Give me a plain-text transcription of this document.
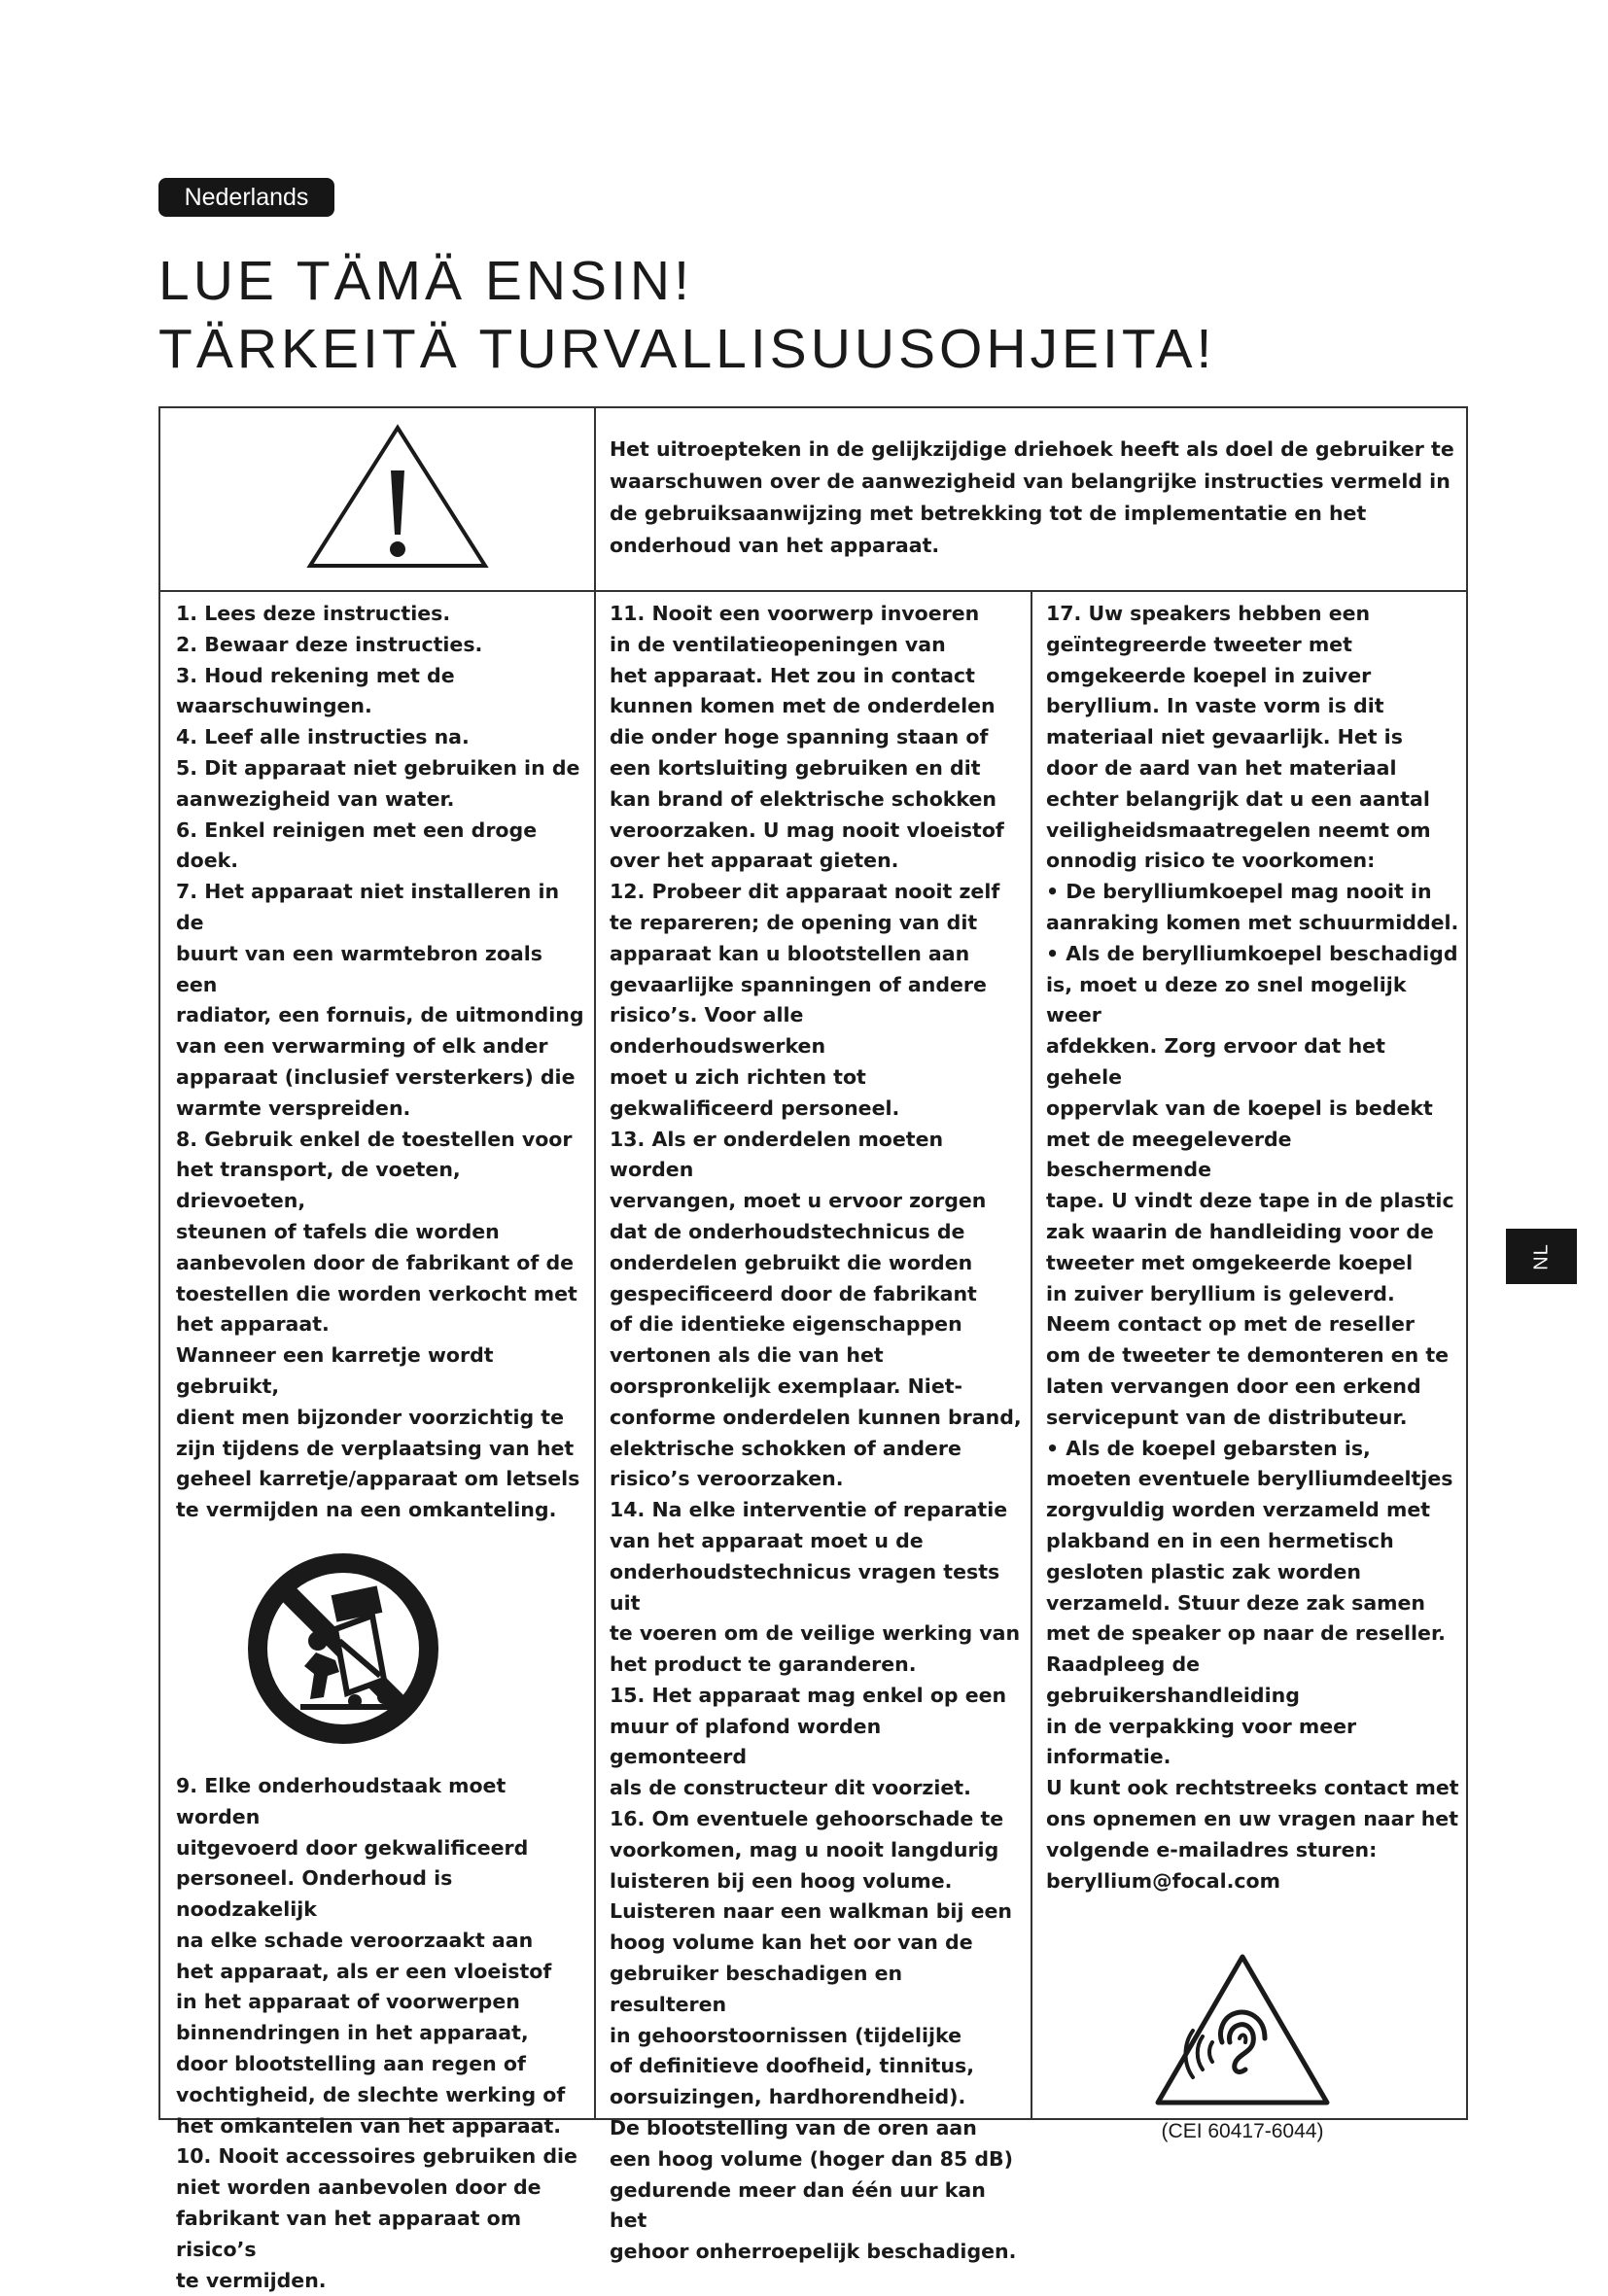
Nederlands
LUE TÄMÄ ENSIN!
TÄRKEITÄ TURVALLISUUSOHJEITA!

Het uitroepteken in de gelijkzijdige driehoek heeft als doel de gebruiker te waarschuwen over de aanwezigheid van belangrijke instructies vermeld in de gebruiksaanwijzing met betrekking tot de implementatie en het onderhoud van het apparaat.

1. Lees deze instructies.
2. Bewaar deze instructies.
3. Houd rekening met de
waarschuwingen.
4. Leef alle instructies na.
5. Dit apparaat niet gebruiken in de
aanwezigheid van water.
6. Enkel reinigen met een droge
doek.
7. Het apparaat niet installeren in de
buurt van een warmtebron zoals een
radiator, een fornuis, de uitmonding
van een verwarming of elk ander
apparaat (inclusief versterkers) die
warmte verspreiden.
8. Gebruik enkel de toestellen voor
het transport, de voeten, drievoeten,
steunen of tafels die worden
aanbevolen door de fabrikant of de
toestellen die worden verkocht met
het apparaat.
Wanneer een karretje wordt gebruikt,
dient men bijzonder voorzichtig te
zijn tijdens de verplaatsing van het
geheel karretje/apparaat om letsels
te vermijden na een omkanteling.

9. Elke onderhoudstaak moet worden
uitgevoerd door gekwalificeerd
personeel. Onderhoud is noodzakelijk
na elke schade veroorzaakt aan
het apparaat, als er een vloeistof
in het apparaat of voorwerpen
binnendringen in het apparaat,
door blootstelling aan regen of
vochtigheid, de slechte werking of
het omkantelen van het apparaat.
10. Nooit accessoires gebruiken die
niet worden aanbevolen door de
fabrikant van het apparaat om risico’s
te vermijden.

11. Nooit een voorwerp invoeren
in de ventilatieopeningen van
het apparaat. Het zou in contact
kunnen komen met de onderdelen
die onder hoge spanning staan of
een kortsluiting gebruiken en dit
kan brand of elektrische schokken
veroorzaken. U mag nooit vloeistof
over het apparaat gieten.
12. Probeer dit apparaat nooit zelf
te repareren; de opening van dit
apparaat kan u blootstellen aan
gevaarlijke spanningen of andere
risico’s. Voor alle onderhoudswerken
moet u zich richten tot
gekwalificeerd personeel.
13. Als er onderdelen moeten worden
vervangen, moet u ervoor zorgen
dat de onderhoudstechnicus de
onderdelen gebruikt die worden
gespecificeerd door de fabrikant
of die identieke eigenschappen
vertonen als die van het
oorspronkelijk exemplaar. Niet-
conforme onderdelen kunnen brand,
elektrische schokken of andere
risico’s veroorzaken.
14. Na elke interventie of reparatie
van het apparaat moet u de
onderhoudstechnicus vragen tests uit
te voeren om de veilige werking van
het product te garanderen.
15. Het apparaat mag enkel op een
muur of plafond worden gemonteerd
als de constructeur dit voorziet.
16. Om eventuele gehoorschade te
voorkomen, mag u nooit langdurig
luisteren bij een hoog volume.
Luisteren naar een walkman bij een
hoog volume kan het oor van de
gebruiker beschadigen en resulteren
in gehoorstoornissen (tijdelijke
of definitieve doofheid, tinnitus,
oorsuizingen, hardhorendheid).
De blootstelling van de oren aan
een hoog volume (hoger dan 85 dB)
gedurende meer dan één uur kan het
gehoor onherroepelijk beschadigen.

17. Uw speakers hebben een
geïntegreerde tweeter met
omgekeerde koepel in zuiver
beryllium. In vaste vorm is dit
materiaal niet gevaarlijk. Het is
door de aard van het materiaal
echter belangrijk dat u een aantal
veiligheidsmaatregelen neemt om
onnodig risico te voorkomen:
• De berylliumkoepel mag nooit in
aanraking komen met schuurmiddel.
• Als de berylliumkoepel beschadigd
is, moet u deze zo snel mogelijk weer
afdekken. Zorg ervoor dat het gehele
oppervlak van de koepel is bedekt
met de meegeleverde beschermende
tape. U vindt deze tape in de plastic
zak waarin de handleiding voor de
tweeter met omgekeerde koepel
in zuiver beryllium is geleverd.
Neem contact op met de reseller
om de tweeter te demonteren en te
laten vervangen door een erkend
servicepunt van de distributeur.
• Als de koepel gebarsten is,
moeten eventuele berylliumdeeltjes
zorgvuldig worden verzameld met
plakband en in een hermetisch
gesloten plastic zak worden
verzameld. Stuur deze zak samen
met de speaker op naar de reseller.
Raadpleeg de gebruikershandleiding
in de verpakking voor meer
informatie.
U kunt ook rechtstreeks contact met
ons opnemen en uw vragen naar het
volgende e-mailadres sturen:
beryllium@focal.com

(CEI 60417-6044)
NL
